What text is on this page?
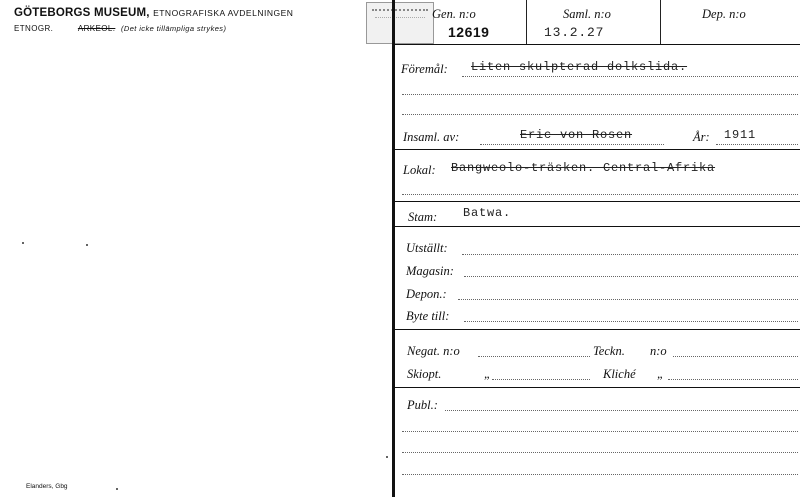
GÖTEBORGS MUSEUM, ETNOGRAFISKA AVDELNINGEN
ETNOGR.	ARKEOL. (Det icke tillämpliga strykes)
Elanders, Gbg
Gen. n:o
12619
Saml. n:o
13.2.27
Dep. n:o
Föremål: Liten skulpterad dolkslida.
Insaml. av:	Eric von Rosen	År: 1911
Lokal: Bangweolo-träsken. Central-Afrika
Stam: Batwa.
Utställt:
Magasin:
Depon.:
Byte till:
Negat. n:o	Teckn. n:o
Skiopt.	„	Kliché „
Publ.:
